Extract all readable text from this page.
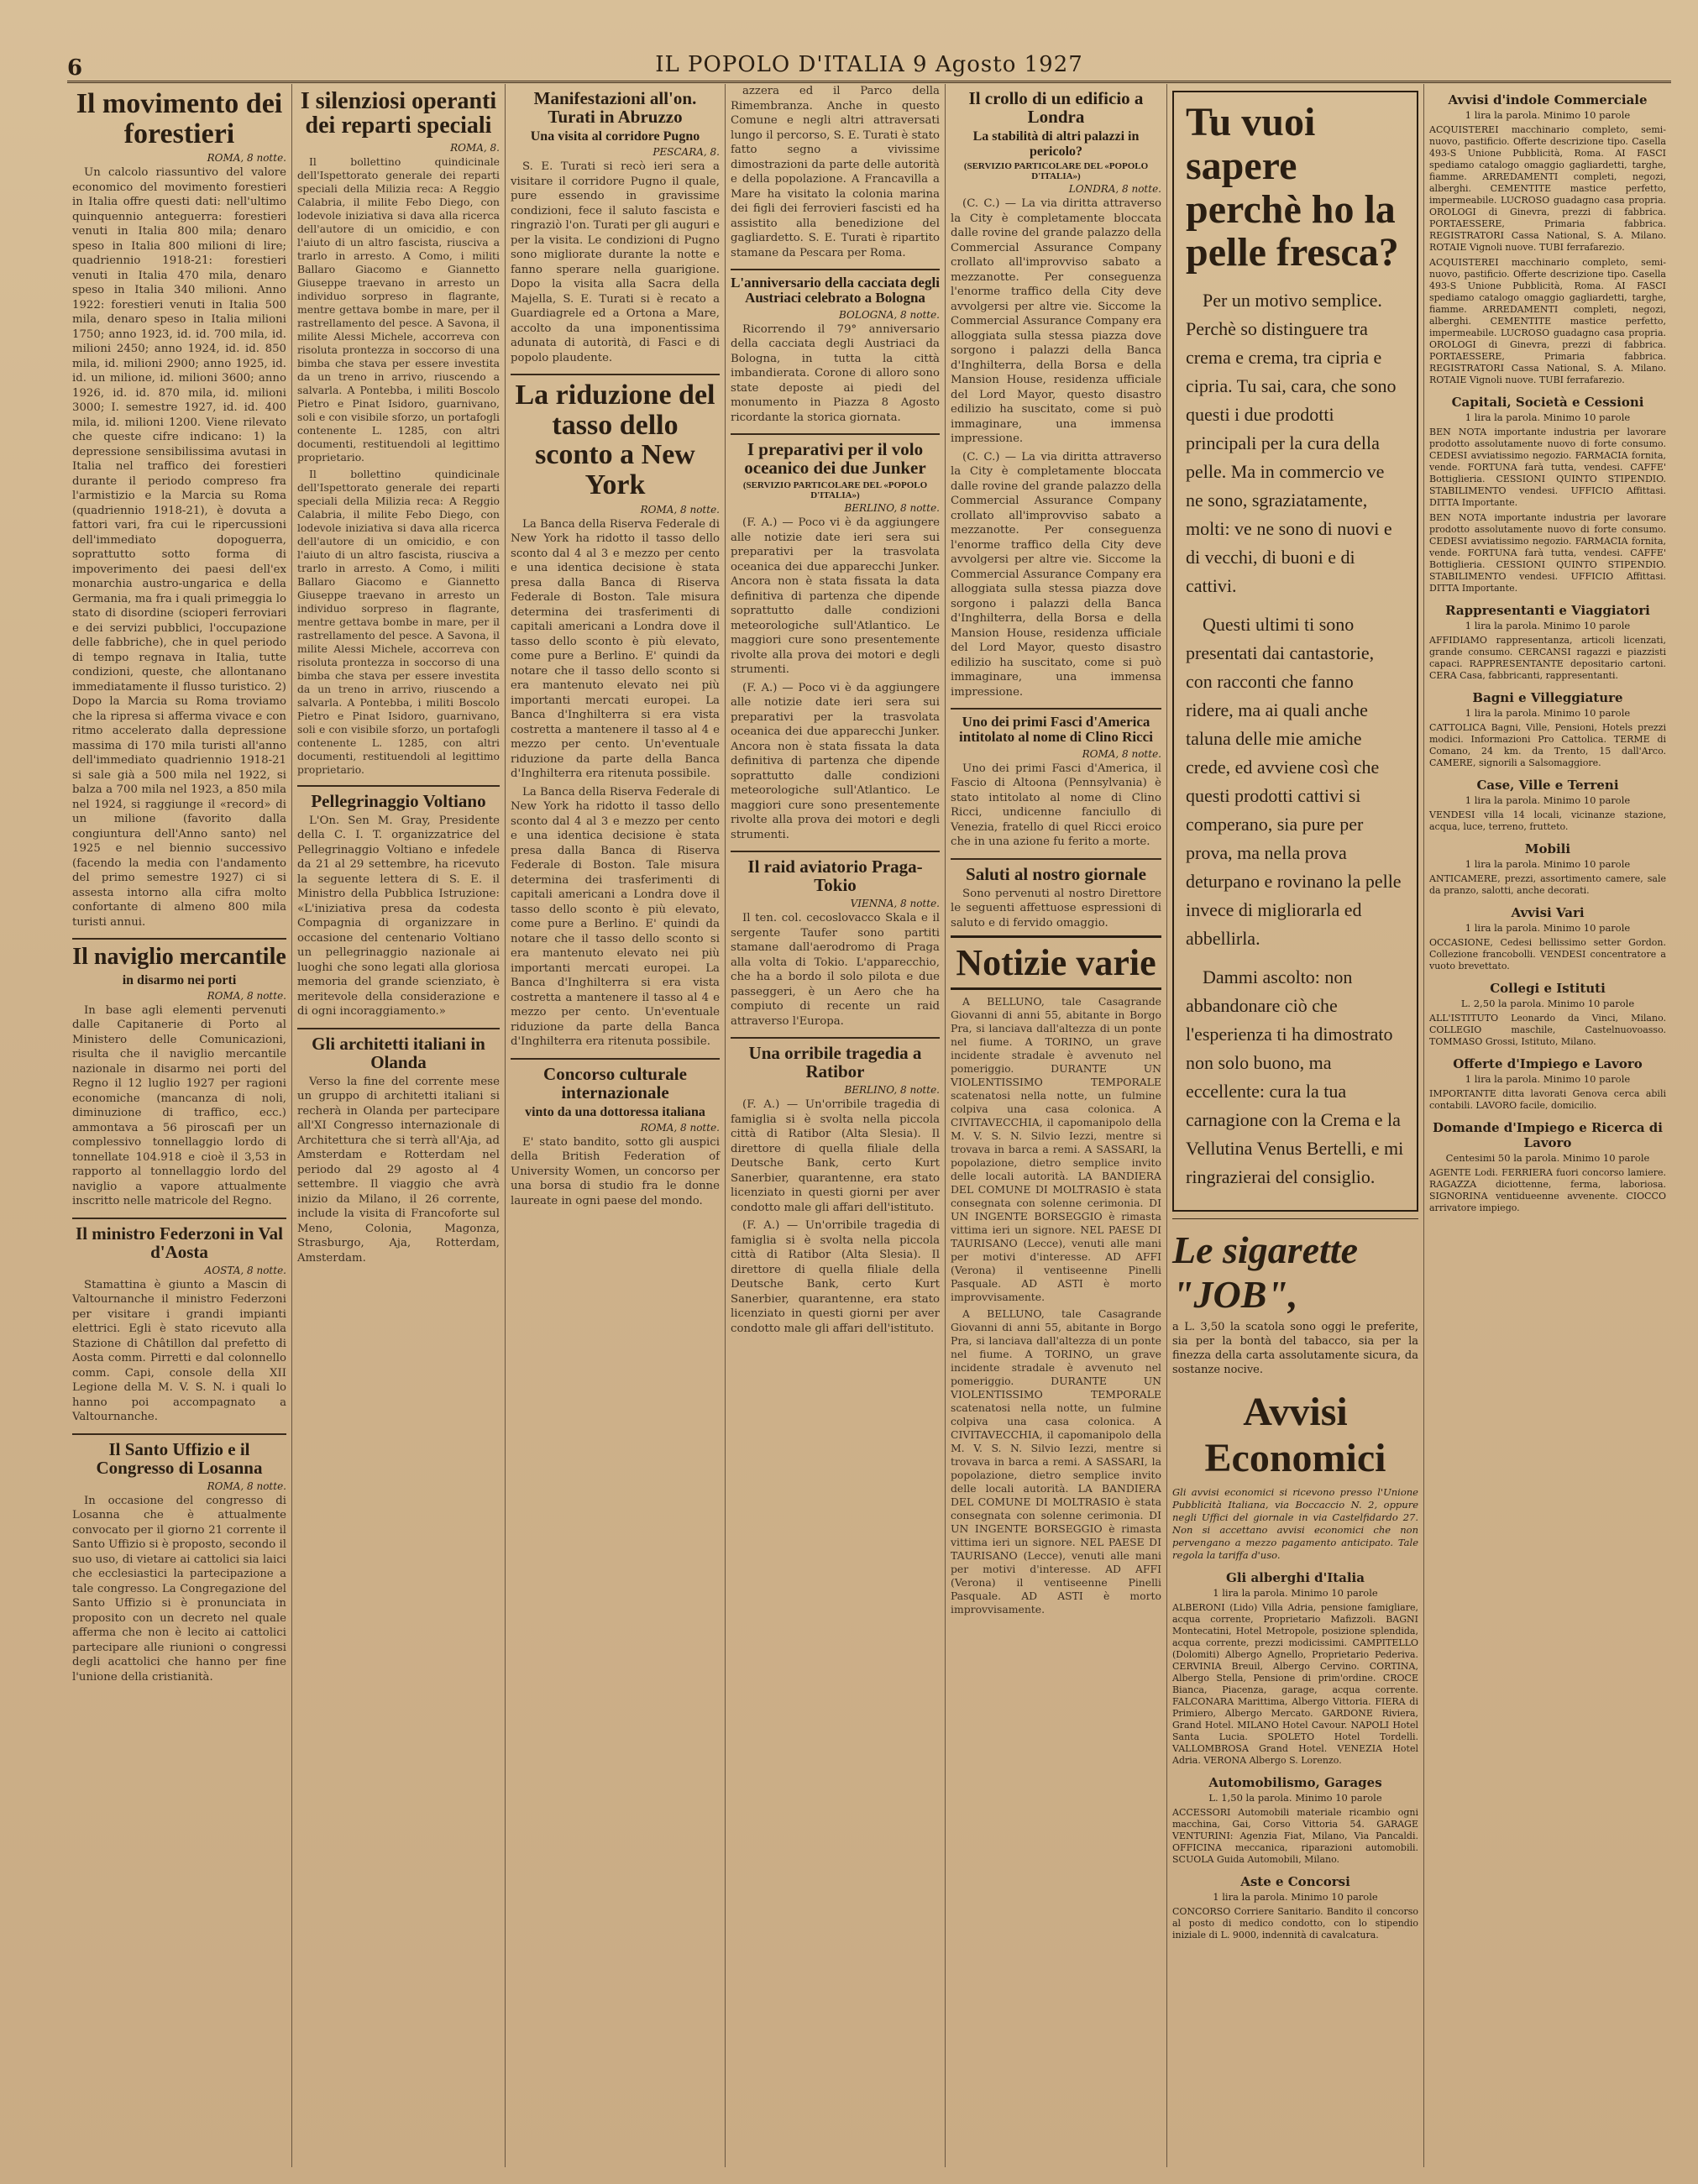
6	IL POPOLO D'ITALIA 9 Agosto 1927
Il movimento dei forestieri
ROMA, 8 notte.

Un calcolo riassuntivo del valore economico del movimento forestieri in Italia offre questi dati: nell'ultimo quinquennio anteguerra: forestieri venuti in Italia 800 mila; denaro speso in Italia 800 milioni di lire; quadriennio 1918-21: forestieri venuti in Italia 470 mila, denaro speso in Italia 340 milioni. Anno 1922: forestieri venuti in Italia 500 mila, denaro speso in Italia milioni 1750; anno 1923, id. id. 700 mila, id. milioni 2450; anno 1924, id. id. 850 mila, id. milioni 2900; anno 1925, id. id. un milione, id. milioni 3600; anno 1926, id. id. 870 mila, id. milioni 3000; I. semestre 1927, id. id. 400 mila, id. milioni 1200. Viene rilevato che queste cifre indicano: 1) la depressione sensibilissima avutasi in Italia nel traffico dei forestieri durante il periodo compreso fra l'armistizio e la Marcia su Roma (quadriennio 1918-21), è dovuta a fattori vari, fra cui le ripercussioni dell'immediato dopoguerra, soprattutto sotto forma di impoverimento dei paesi dell'ex monarchia austro-ungarica e della Germania, ma fra i quali primeggia lo stato di disordine (scioperi ferroviari e dei servizi pubblici, l'occupazione delle fabbriche), che in quel periodo di tempo regnava in Italia, tutte condizioni, queste, che allontanano immediatamente il flusso turistico. 2) Dopo la Marcia su Roma troviamo che la ripresa si afferma vivace e con ritmo accelerato dalla depressione massima di 170 mila turisti all'anno dell'immediato quadriennio 1918-21 si sale già a 500 mila nel 1922, si balza a 700 mila nel 1923, a 850 mila nel 1924, si raggiunge il «record» di un milione (favorito dalla congiuntura dell'Anno santo) nel 1925 e nel biennio successivo (facendo la media con l'andamento del primo semestre 1927) ci si assesta intorno alla cifra molto confortante di almeno 800 mila turisti annui.

Il naviglio mercantile
in disarmo nei porti
ROMA, 8 notte.

In base agli elementi pervenuti dalle Capitanerie di Porto al Ministero delle Comunicazioni, risulta che il naviglio mercantile nazionale in disarmo nei porti del Regno il 12 luglio 1927 per ragioni economiche (mancanza di noli, diminuzione di traffico, ecc.) ammontava a 56 piroscafi per un complessivo tonnellaggio lordo di tonnellate 104.918 e cioè il 3,53 in rapporto al tonnellaggio lordo del naviglio a vapore attualmente inscritto nelle matricole del Regno.

Il ministro Federzoni in Val d'Aosta
AOSTA, 8 notte.

Stamattina è giunto a Mascin di Valtournanche il ministro Federzoni per visitare i grandi impianti elettrici. Egli è stato ricevuto alla Stazione di Châtillon dal prefetto di Aosta comm. Pirretti e dal colonnello comm. Capi, console della XII Legione della M. V. S. N. i quali lo hanno poi accompagnato a Valtournanche.

Il Santo Uffizio e il Congresso di Losanna
ROMA, 8 notte.

In occasione del congresso di Losanna che è attualmente convocato per il giorno 21 corrente il Santo Uffizio si è proposto, secondo il suo uso, di vietare ai cattolici sia laici che ecclesiastici la partecipazione a tale congresso. La Congregazione del Santo Uffizio si è pronunciata in proposito con un decreto nel quale afferma che non è lecito ai cattolici partecipare alle riunioni o congressi degli acattolici che hanno per fine l'unione della cristianità.

I silenziosi operanti dei reparti speciali
ROMA, 8.

Il bollettino quindicinale dell'Ispettorato generale dei reparti speciali della Milizia reca: A Reggio Calabria, il milite Febo Diego, con lodevole iniziativa si dava alla ricerca dell'autore di un omicidio, e con l'aiuto di un altro fascista, riusciva a trarlo in arresto. A Como, i militi Ballaro Giacomo e Giannetto Giuseppe traevano in arresto un individuo sorpreso in flagrante, mentre gettava bombe in mare, per il rastrellamento del pesce. A Savona, il milite Alessi Michele, accorreva con risoluta prontezza in soccorso di una bimba che stava per essere investita da un treno in arrivo, riuscendo a salvarla. A Pontebba, i militi Boscolo Pietro e Pinat Isidoro, guarnivano, soli e con visibile sforzo, un portafogli contenente L. 1285, con altri documenti, restituendoli al legittimo proprietario.

Il bollettino quindicinale dell'Ispettorato generale dei reparti speciali della Milizia reca: A Reggio Calabria, il milite Febo Diego, con lodevole iniziativa si dava alla ricerca dell'autore di un omicidio, e con l'aiuto di un altro fascista, riusciva a trarlo in arresto. A Como, i militi Ballaro Giacomo e Giannetto Giuseppe traevano in arresto un individuo sorpreso in flagrante, mentre gettava bombe in mare, per il rastrellamento del pesce. A Savona, il milite Alessi Michele, accorreva con risoluta prontezza in soccorso di una bimba che stava per essere investita da un treno in arrivo, riuscendo a salvarla. A Pontebba, i militi Boscolo Pietro e Pinat Isidoro, guarnivano, soli e con visibile sforzo, un portafogli contenente L. 1285, con altri documenti, restituendoli al legittimo proprietario.

Pellegrinaggio Voltiano

L'On. Sen M. Gray, Presidente della C. I. T. organizzatrice del Pellegrinaggio Voltiano e infedele da 21 al 29 settembre, ha ricevuto la seguente lettera di S. E. il Ministro della Pubblica Istruzione: «L'iniziativa presa da codesta Compagnia di organizzare in occasione del centenario Voltiano un pellegrinaggio nazionale ai luoghi che sono legati alla gloriosa memoria del grande scienziato, è meritevole della considerazione e di ogni incoraggiamento.»

Gli architetti italiani in Olanda

Verso la fine del corrente mese un gruppo di architetti italiani si recherà in Olanda per partecipare all'XI Congresso internazionale di Architettura che si terrà all'Aja, ad Amsterdam e Rotterdam nel periodo dal 29 agosto al 4 settembre. Il viaggio che avrà inizio da Milano, il 26 corrente, include la visita di Francoforte sul Meno, Colonia, Magonza, Strasburgo, Aja, Rotterdam, Amsterdam.

Manifestazioni all'on. Turati in Abruzzo
Una visita al corridore Pugno
PESCARA, 8.

S. E. Turati si recò ieri sera a visitare il corridore Pugno il quale, pure essendo in gravissime condizioni, fece il saluto fascista e ringraziò l'on. Turati per gli auguri e per la visita. Le condizioni di Pugno sono migliorate durante la notte e fanno sperare nella guarigione. Dopo la visita alla Sacra della Majella, S. E. Turati si è recato a Guardiagrele ed a Ortona a Mare, accolto da una imponentissima adunata di autorità, di Fasci e di popolo plaudente.

La riduzione del tasso dello sconto a New York
ROMA, 8 notte.

La Banca della Riserva Federale di New York ha ridotto il tasso dello sconto dal 4 al 3 e mezzo per cento e una identica decisione è stata presa dalla Banca di Riserva Federale di Boston. Tale misura determina dei trasferimenti di capitali americani a Londra dove il tasso dello sconto è più elevato, come pure a Berlino. E' quindi da notare che il tasso dello sconto si era mantenuto elevato nei più importanti mercati europei. La Banca d'Inghilterra si era vista costretta a mantenere il tasso al 4 e mezzo per cento. Un'eventuale riduzione da parte della Banca d'Inghilterra era ritenuta possibile.

La Banca della Riserva Federale di New York ha ridotto il tasso dello sconto dal 4 al 3 e mezzo per cento e una identica decisione è stata presa dalla Banca di Riserva Federale di Boston. Tale misura determina dei trasferimenti di capitali americani a Londra dove il tasso dello sconto è più elevato, come pure a Berlino. E' quindi da notare che il tasso dello sconto si era mantenuto elevato nei più importanti mercati europei. La Banca d'Inghilterra si era vista costretta a mantenere il tasso al 4 e mezzo per cento. Un'eventuale riduzione da parte della Banca d'Inghilterra era ritenuta possibile.

Concorso culturale internazionale
vinto da una dottoressa italiana
ROMA, 8 notte.

E' stato bandito, sotto gli auspici della British Federation of University Women, un concorso per una borsa di studio fra le donne laureate in ogni paese del mondo.

azzera ed il Parco della Rimembranza. Anche in questo Comune e negli altri attraversati lungo il percorso, S. E. Turati è stato fatto segno a vivissime dimostrazioni da parte delle autorità e della popolazione. A Francavilla a Mare ha visitato la colonia marina dei figli dei ferrovieri fascisti ed ha assistito alla benedizione del gagliardetto. S. E. Turati è ripartito stamane da Pescara per Roma.

L'anniversario della cacciata degli Austriaci celebrato a Bologna
BOLOGNA, 8 notte.

Ricorrendo il 79° anniversario della cacciata degli Austriaci da Bologna, in tutta la città imbandierata. Corone di alloro sono state deposte ai piedi del monumento in Piazza 8 Agosto ricordante la storica giornata.

I preparativi per il volo oceanico dei due Junker
(SERVIZIO PARTICOLARE DEL «POPOLO D'ITALIA»)
BERLINO, 8 notte.

(F. A.) — Poco vi è da aggiungere alle notizie date ieri sera sui preparativi per la trasvolata oceanica dei due apparecchi Junker. Ancora non è stata fissata la data definitiva di partenza che dipende soprattutto dalle condizioni meteorologiche sull'Atlantico. Le maggiori cure sono presentemente rivolte alla prova dei motori e degli strumenti.

(F. A.) — Poco vi è da aggiungere alle notizie date ieri sera sui preparativi per la trasvolata oceanica dei due apparecchi Junker. Ancora non è stata fissata la data definitiva di partenza che dipende soprattutto dalle condizioni meteorologiche sull'Atlantico. Le maggiori cure sono presentemente rivolte alla prova dei motori e degli strumenti.

Il raid aviatorio Praga-Tokio
VIENNA, 8 notte.

Il ten. col. cecoslovacco Skala e il sergente Taufer sono partiti stamane dall'aerodromo di Praga alla volta di Tokio. L'apparecchio, che ha a bordo il solo pilota e due passeggeri, è un Aero che ha compiuto di recente un raid attraverso l'Europa.

Una orribile tragedia a Ratibor
BERLINO, 8 notte.

(F. A.) — Un'orribile tragedia di famiglia si è svolta nella piccola città di Ratibor (Alta Slesia). Il direttore di quella filiale della Deutsche Bank, certo Kurt Sanerbier, quarantenne, era stato licenziato in questi giorni per aver condotto male gli affari dell'istituto.

(F. A.) — Un'orribile tragedia di famiglia si è svolta nella piccola città di Ratibor (Alta Slesia). Il direttore di quella filiale della Deutsche Bank, certo Kurt Sanerbier, quarantenne, era stato licenziato in questi giorni per aver condotto male gli affari dell'istituto.

Il crollo di un edificio a Londra
La stabilità di altri palazzi in pericolo?
(SERVIZIO PARTICOLARE DEL «POPOLO D'ITALIA»)
LONDRA, 8 notte.

(C. C.) — La via diritta attraverso la City è completamente bloccata dalle rovine del grande palazzo della Commercial Assurance Company crollato all'improvviso sabato a mezzanotte. Per conseguenza l'enorme traffico della City deve avvolgersi per altre vie. Siccome la Commercial Assurance Company era alloggiata sulla stessa piazza dove sorgono i palazzi della Banca d'Inghilterra, della Borsa e della Mansion House, residenza ufficiale del Lord Mayor, questo disastro edilizio ha suscitato, come si può immaginare, una immensa impressione.

(C. C.) — La via diritta attraverso la City è completamente bloccata dalle rovine del grande palazzo della Commercial Assurance Company crollato all'improvviso sabato a mezzanotte. Per conseguenza l'enorme traffico della City deve avvolgersi per altre vie. Siccome la Commercial Assurance Company era alloggiata sulla stessa piazza dove sorgono i palazzi della Banca d'Inghilterra, della Borsa e della Mansion House, residenza ufficiale del Lord Mayor, questo disastro edilizio ha suscitato, come si può immaginare, una immensa impressione.

Uno dei primi Fasci d'America intitolato al nome di Clino Ricci
ROMA, 8 notte.

Uno dei primi Fasci d'America, il Fascio di Altoona (Pennsylvania) è stato intitolato al nome di Clino Ricci, undicenne fanciullo di Venezia, fratello di quel Ricci eroico che in una azione fu ferito a morte.

Saluti al nostro giornale

Sono pervenuti al nostro Direttore le seguenti affettuose espressioni di saluto e di fervido omaggio.

Notizie varie

A BELLUNO, tale Casagrande Giovanni di anni 55, abitante in Borgo Pra, si lanciava dall'altezza di un ponte nel fiume. A TORINO, un grave incidente stradale è avvenuto nel pomeriggio. DURANTE UN VIOLENTISSIMO TEMPORALE scatenatosi nella notte, un fulmine colpiva una casa colonica. A CIVITAVECCHIA, il capomanipolo della M. V. S. N. Silvio Iezzi, mentre si trovava in barca a remi. A SASSARI, la popolazione, dietro semplice invito delle locali autorità. LA BANDIERA DEL COMUNE DI MOLTRASIO è stata consegnata con solenne cerimonia. DI UN INGENTE BORSEGGIO è rimasta vittima ieri un signore. NEL PAESE DI TAURISANO (Lecce), venuti alle mani per motivi d'interesse. AD AFFI (Verona) il ventiseenne Pinelli Pasquale. AD ASTI è morto improvvisamente.

A BELLUNO, tale Casagrande Giovanni di anni 55, abitante in Borgo Pra, si lanciava dall'altezza di un ponte nel fiume. A TORINO, un grave incidente stradale è avvenuto nel pomeriggio. DURANTE UN VIOLENTISSIMO TEMPORALE scatenatosi nella notte, un fulmine colpiva una casa colonica. A CIVITAVECCHIA, il capomanipolo della M. V. S. N. Silvio Iezzi, mentre si trovava in barca a remi. A SASSARI, la popolazione, dietro semplice invito delle locali autorità. LA BANDIERA DEL COMUNE DI MOLTRASIO è stata consegnata con solenne cerimonia. DI UN INGENTE BORSEGGIO è rimasta vittima ieri un signore. NEL PAESE DI TAURISANO (Lecce), venuti alle mani per motivi d'interesse. AD AFFI (Verona) il ventiseenne Pinelli Pasquale. AD ASTI è morto improvvisamente.

Tu vuoi sapere perchè ho la pelle fresca?

Per un motivo semplice. Perchè so distinguere tra crema e crema, tra cipria e cipria. Tu sai, cara, che sono questi i due prodotti principali per la cura della pelle. Ma in commercio ve ne sono, sgraziatamente, molti: ve ne sono di nuovi e di vecchi, di buoni e di cattivi.

Questi ultimi ti sono presentati dai cantastorie, con racconti che fanno ridere, ma ai quali anche taluna delle mie amiche crede, ed avviene così che questi prodotti cattivi si comperano, sia pure per prova, ma nella prova deturpano e rovinano la pelle invece di migliorarla ed abbellirla.

Dammi ascolto: non abbandonare ciò che l'esperienza ti ha dimostrato non solo buono, ma eccellente: cura la tua carnagione con la Crema e la Vellutina Venus Bertelli, e mi ringrazierai del consiglio.

Le sigarette "JOB",
a L. 3,50 la scatola sono oggi le preferite, sia per la bontà del tabacco, sia per la finezza della carta assolutamente sicura, da sostanze nocive.
Avvisi Economici
Gli avvisi economici si ricevono presso l'Unione Pubblicità Italiana, via Boccaccio N. 2, oppure negli Uffici del giornale in via Castelfidardo 27. Non si accettano avvisi economici che non pervengano a mezzo pagamento anticipato. Tale regola la tariffa d'uso.
Gli alberghi d'Italia
1 lira la parola. Minimo 10 parole

ALBERONI (Lido) Villa Adria, pensione famigliare, acqua corrente, Proprietario Mafizzoli. BAGNI Montecatini, Hotel Metropole, posizione splendida, acqua corrente, prezzi modicissimi. CAMPITELLO (Dolomiti) Albergo Agnello, Proprietario Pederiva. CERVINIA Breuil, Albergo Cervino. CORTINA, Albergo Stella, Pensione di prim'ordine. CROCE Bianca, Piacenza, garage, acqua corrente. FALCONARA Marittima, Albergo Vittoria. FIERA di Primiero, Albergo Mercato. GARDONE Riviera, Grand Hotel. MILANO Hotel Cavour. NAPOLI Hotel Santa Lucia. SPOLETO Hotel Tordelli. VALLOMBROSA Grand Hotel. VENEZIA Hotel Adria. VERONA Albergo S. Lorenzo.

Automobilismo, Garages
L. 1,50 la parola. Minimo 10 parole

ACCESSORI Automobili materiale ricambio ogni macchina, Gai, Corso Vittoria 54. GARAGE VENTURINI: Agenzia Fiat, Milano, Via Pancaldi. OFFICINA meccanica, riparazioni automobili. SCUOLA Guida Automobili, Milano.

Aste e Concorsi
1 lira la parola. Minimo 10 parole

CONCORSO Corriere Sanitario. Bandito il concorso al posto di medico condotto, con lo stipendio iniziale di L. 9000, indennità di cavalcatura.

Avvisi d'indole Commerciale
1 lira la parola. Minimo 10 parole

ACQUISTEREI macchinario completo, semi-nuovo, pastificio. Offerte descrizione tipo. Casella 493-S Unione Pubblicità, Roma. AI FASCI spediamo catalogo omaggio gagliardetti, targhe, fiamme. ARREDAMENTI completi, negozi, alberghi. CEMENTITE mastice perfetto, impermeabile. LUCROSO guadagno casa propria. OROLOGI di Ginevra, prezzi di fabbrica. PORTAESSERE, Primaria fabbrica. REGISTRATORI Cassa National, S. A. Milano. ROTAIE Vignoli nuove. TUBI ferrafarezio.

ACQUISTEREI macchinario completo, semi-nuovo, pastificio. Offerte descrizione tipo. Casella 493-S Unione Pubblicità, Roma. AI FASCI spediamo catalogo omaggio gagliardetti, targhe, fiamme. ARREDAMENTI completi, negozi, alberghi. CEMENTITE mastice perfetto, impermeabile. LUCROSO guadagno casa propria. OROLOGI di Ginevra, prezzi di fabbrica. PORTAESSERE, Primaria fabbrica. REGISTRATORI Cassa National, S. A. Milano. ROTAIE Vignoli nuove. TUBI ferrafarezio.

Capitali, Società e Cessioni
1 lira la parola. Minimo 10 parole

BEN NOTA importante industria per lavorare prodotto assolutamente nuovo di forte consumo. CEDESI avviatissimo negozio. FARMACIA fornita, vende. FORTUNA farà tutta, vendesi. CAFFE' Bottiglieria. CESSIONI QUINTO STIPENDIO. STABILIMENTO vendesi. UFFICIO Affittasi. DITTA Importante.

BEN NOTA importante industria per lavorare prodotto assolutamente nuovo di forte consumo. CEDESI avviatissimo negozio. FARMACIA fornita, vende. FORTUNA farà tutta, vendesi. CAFFE' Bottiglieria. CESSIONI QUINTO STIPENDIO. STABILIMENTO vendesi. UFFICIO Affittasi. DITTA Importante.

Rappresentanti e Viaggiatori
1 lira la parola. Minimo 10 parole

AFFIDIAMO rappresentanza, articoli licenzati, grande consumo. CERCANSI ragazzi e piazzisti capaci. RAPPRESENTANTE depositario cartoni. CERA Casa, fabbricanti, rappresentanti.

Bagni e Villeggiature
1 lira la parola. Minimo 10 parole

CATTOLICA Bagni, Ville, Pensioni, Hotels prezzi modici. Informazioni Pro Cattolica. TERME di Comano, 24 km. da Trento, 15 dall'Arco. CAMERE, signorili a Salsomaggiore.

Case, Ville e Terreni
1 lira la parola. Minimo 10 parole

VENDESI villa 14 locali, vicinanze stazione, acqua, luce, terreno, frutteto.

Mobili
1 lira la parola. Minimo 10 parole

ANTICAMERE, prezzi, assortimento camere, sale da pranzo, salotti, anche decorati.

Avvisi Vari
1 lira la parola. Minimo 10 parole

OCCASIONE, Cedesi bellissimo setter Gordon. Collezione francobolli. VENDESI concentratore a vuoto brevettato.

Collegi e Istituti
L. 2,50 la parola. Minimo 10 parole

ALL'ISTITUTO Leonardo da Vinci, Milano. COLLEGIO maschile, Castelnuovoasso. TOMMASO Grossi, Istituto, Milano.

Offerte d'Impiego e Lavoro
1 lira la parola. Minimo 10 parole

IMPORTANTE ditta lavorati Genova cerca abili contabili. LAVORO facile, domicilio.

Domande d'Impiego e Ricerca di Lavoro
Centesimi 50 la parola. Minimo 10 parole

AGENTE Lodi. FERRIERA fuori concorso lamiere. RAGAZZA diciottenne, ferma, laboriosa. SIGNORINA ventidueenne avvenente. CIOCCO arrivatore impiego.
